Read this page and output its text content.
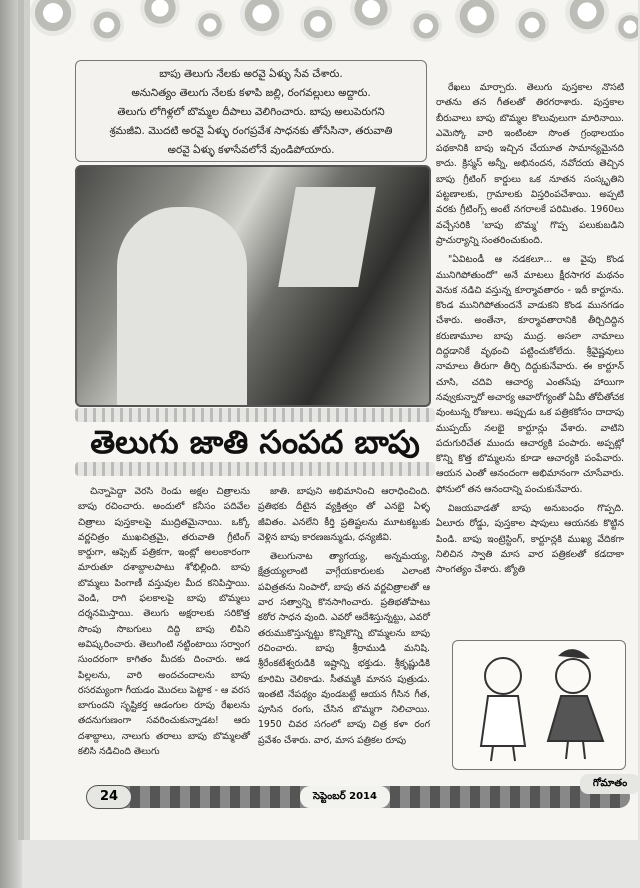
బాపు తెలుగు నేలకు అరవై ఏళ్ళు సేవ చేశారు.
అనునిత్యం తెలుగు నేలకు కళాపి జల్లి, రంగవల్లులు అద్దారు.
తెలుగు లోగిళ్లలో బొమ్మల దీపాలు వెలిగించారు. బాపు అలుపెరుగని
శ్రమజీవి. మొదటి అరవై ఏళ్ళు రంగప్రవేశ సాధనకు తోసేసినా, తరువాతి
అరవై ఏళ్ళు కళాసేవలోనే వుండిపోయారు.
తెలుగు జాతి సంపద బాపు

చిన్నాపెద్దా వెరసి రెండు అక్షల చిత్రాలను బాపు రచించారు. అందులో కనీసం పదివేల చిత్రాలు పుస్తకాలపై ముద్రితమైనాయి. ఒక్కో వర్ణచిత్రం ముఖచిత్రమై, తరువాతి గ్రీటింగ్ కార్డుగా, ఆఫ్సెట్ పత్రికగా, ఇంట్లో అలంకారంగా మారుతూ దశాబ్దాలపాటు శోభిల్లింది. బాపు బొమ్మలు పింగాణీ వస్తువుల మీద కనిపిస్తాయి. వెండి, రాగి ఫలకాలపై బాపు బొమ్మలు దర్శనమిస్తాయి. తెలుగు అక్షరాలకు సరికొత్త సొంపు సొబగులు దిద్ది బాపు లిపిని అవిష్కరించారు. తెలుగింటి నట్టింటాయి సర్వాంగ సుందరంగా కాగితం మీదకు దించారు. ఆడ పిల్లలను, వారి అందచందాలను బాపు రసరమ్యంగా గీయడం మొదలు పెట్టాక - ఆ వరస బాగుందని సృష్టికర్త ఆడంగుల రూపు రేఖలను తదనుగుణంగా సవరించుకున్నాడట! ఆరు దశాబ్దాలు, నాలుగు తరాలు బాపు బొమ్మలతో కలిసి నడిచింది తెలుగు

జాతి. బాపుని అభిమానించి ఆరాధించింది. ప్రతిభకు దీటైన వ్యక్తిత్వం తో ఎనభై ఏళ్ళ జీవితం. ఎనలేని కీర్తి ప్రతిష్టలను మూటకట్టుకు వెళ్లిన బాపు కారణజన్ముడు, ధన్యజీవి.

తెలుగునాట త్యాగయ్య, అన్నమయ్య, క్షేత్రయ్యలాంటి వాగ్గేయకారులకు ఎలాంటి పవిత్రతను నింపారో, బాపు తన వర్ణచిత్రాలతో ఆ వార సత్వాన్ని కొనసాగించారు. ప్రతిభతోపాటు కఠోర సాధన వుంది. ఎవరో ఆదేశిస్తున్నట్టు, ఎవరో తరుముకొస్తున్నట్టు కొన్నికొన్ని బొమ్మలను బాపు రచించారు. బాపు శ్రీరాముడి మనిషి. శ్రీరేంకటేశ్వరుడికి ఇష్టాన్ని భక్తుడు. శ్రీకృష్ణుడికి కూరిమి చెలికాడు. సీతమ్మకి మానస పుత్రుడు. ఇంతటి నేపథ్యం వుండబట్టే ఆయన గీసిన గీత, పూసిన రంగు, చేసిన బొమ్మగా నిలిచాయి. 1950 చివర సగంలో బాపు చిత్ర కళా రంగ ప్రవేశం చేశారు. వార, మాస పత్రికల రూపు

రేఖలు మార్చారు. తెలుగు పుస్తకాల నొసటి రాతను తన గీతలతో తిరగరాశారు. పుస్తకాల బీరువాలు బాపు బొమ్మల కొలువులుగా మారినాయి. ఎమెస్కో వారి ఇంటింటా సొంత గ్రంథాలయం పథకానికి బాపు ఇచ్చిన చేయూత సామాన్యమైనది కాదు. క్రిస్మస్ అన్నీ, అభినందన, నవోదయ తెచ్చిన బాపు గ్రీటింగ్ కార్డులు ఒక నూతన సంస్కృతిని పట్టణాలకు, గ్రామాలకు విస్తరింపచేశాయి. అప్పటి వరకు గ్రీటింగ్స్ అంటే నగరాలకే పరిమితం. 1960లు వచ్చేసరికి 'బాపు బొమ్మ' గొప్ప పలుకుబడిని ప్రాచుర్యాన్ని సంతరించుకుంది.

"ఏవిటండీ ఆ నడకలూ... ఆ వైపు కొండ మునిగిపోతుందో" అనే మాటలు క్షీరసాగర మథనం వెనుక నడిచి వస్తున్న కూర్మావతారం - ఇదీ కార్టూను. కొండ మునిగిపోతుందనే వాడుకని కొండ మునగడం చేశారు. అంతేనా, కూర్మావతారానికి తీర్చిదిద్దిన కరుణామూల బాపు ముద్ర. అసలా నామాలు దిద్దడానికే వృథంచి పట్టించుకోలేదు. శ్రీవైష్ణవులు నామాలు తీరుగా తీర్చి దిద్దుకునేవారు. ఈ కార్టూన్ చూసి, చదివి ఆచార్య ఎంతసేపు హాయిగా నవ్వుకున్నారో అచార్య ఆవారోగ్యంతో ఏమీ తోచీతోచక వుంటున్న రోజులు. అప్పుడు ఒక పత్రికకోసం దాదాపు ముప్పయ్ నలభై కార్టూన్లు వేశారు. వాటిని పదుగురిచేత ముందు ఆచార్యకి పంపారు. అప్పట్లో కొన్ని కొత్త బొమ్మలను కూడా ఆచార్యకి పంపేవారు. ఆయన ఎంతో ఆనందంగా అభిమానంగా చూసేవారు. ఫోనులో తన ఆనందాన్ని పంచుకునేవారు.

విజయవాడతో బాపు అనుబంధం గొప్పది. ఏలూరు రోడ్డు, పుస్తకాల షాపులు ఆయనకు కొట్టిన పిండి. బాపు ఇంట్రెస్టింగ్, కార్టూన్లకి ముఖ్య వేదికగా నిలిచిన స్వాతి మాస వార పత్రికలతో కడదాకా సాంగత్యం చేశారు. జ్యోతి

24	సెప్టెంబర్ 2014
గోమాతం
